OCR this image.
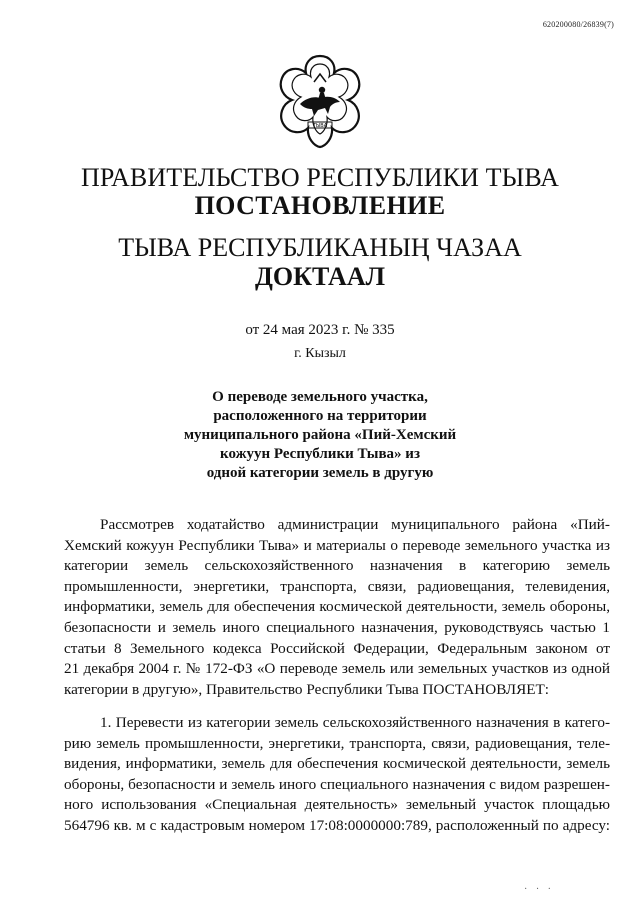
620200080/26839(7)
ТЫВА
ПРАВИТЕЛЬСТВО РЕСПУБЛИКИ ТЫВА
ПОСТАНОВЛЕНИЕ
ТЫВА РЕСПУБЛИКАНЫҢ ЧАЗАА
ДОКТААЛ
от 24 мая 2023 г. № 335
г. Кызыл
О переводе земельного участка,
расположенного на территории
муниципального района «Пий-Хемский
кожуун Республики Тыва» из
одной категории земель в другую
Рассмотрев ходатайство администрации муниципального района «Пий-
Хемский кожуун Республики Тыва» и материалы о переводе земельного участка из
категории земель сельскохозяйственного назначения в категорию земель
промышленности, энергетики, транспорта, связи, радиовещания, телевидения,
информатики, земель для обеспечения космической деятельности, земель обороны,
безопасности и земель иного специального назначения, руководствуясь частью 1
статьи 8 Земельного кодекса Российской Федерации, Федеральным законом от
21 декабря 2004 г. № 172-ФЗ «О переводе земель или земельных участков из одной
категории в другую», Правительство Республики Тыва ПОСТАНОВЛЯЕТ:
1. Перевести из категории земель сельскохозяйственного назначения в катего-
рию земель промышленности, энергетики, транспорта, связи, радиовещания, теле-
видения, информатики, земель для обеспечения космической деятельности, земель
обороны, безопасности и земель иного специального назначения с видом разрешен-
ного использования «Специальная деятельность» земельный участок площадью
564796 кв. м с кадастровым номером 17:08:0000000:789, расположенный по адресу:
· · ·
